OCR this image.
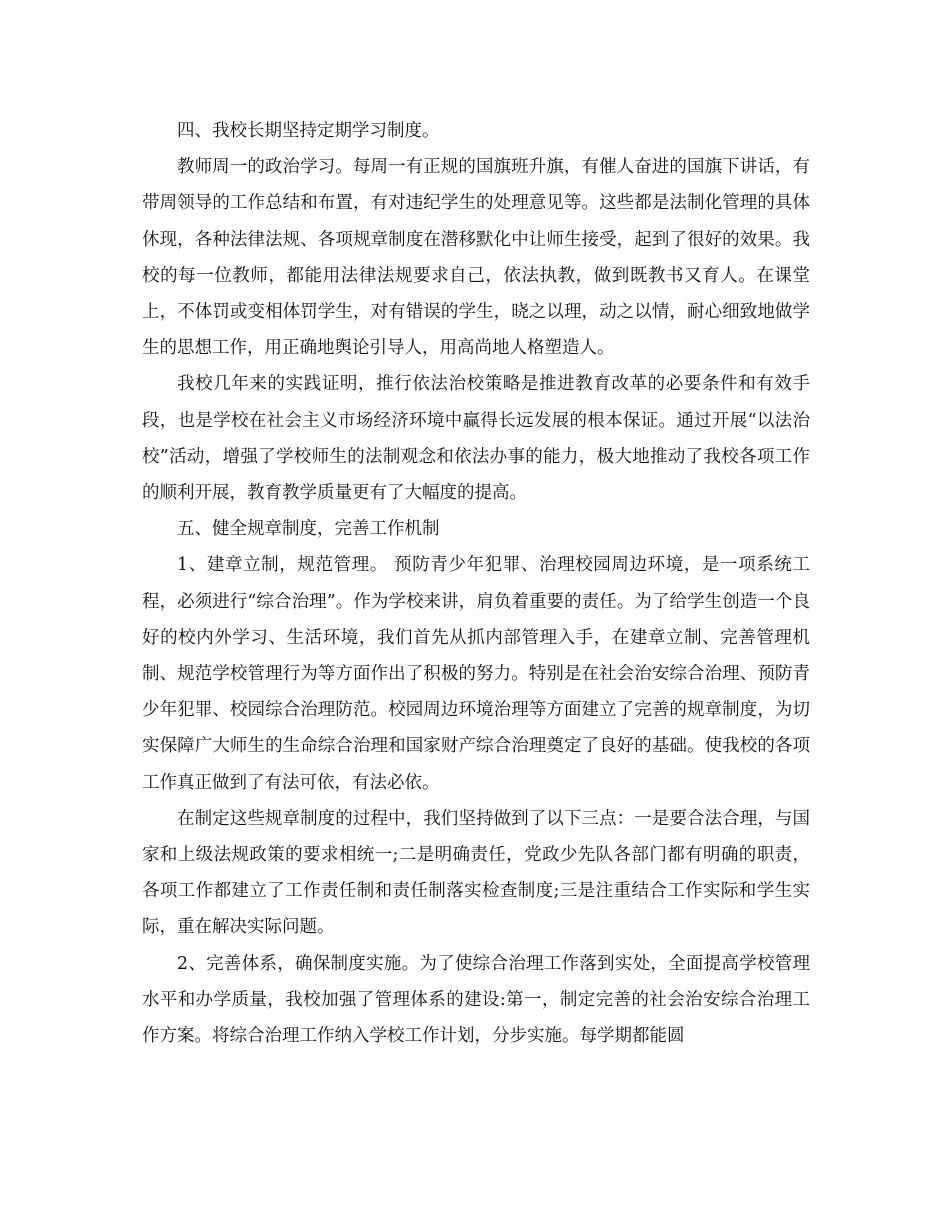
四、我校长期坚持定期学习制度。

教师周一的政治学习。每周一有正规的国旗班升旗，有催人奋进的国旗下讲话，有带周领导的工作总结和布置，有对违纪学生的处理意见等。这些都是法制化管理的具体休现，各种法律法规、各项规章制度在潜移默化中让师生接受，起到了很好的效果。我校的每一位教师，都能用法律法规要求自己，依法执教，做到既教书又育人。在课堂上，不体罚或变相体罚学生，对有错误的学生，晓之以理，动之以情，耐心细致地做学生的思想工作，用正确地舆论引导人，用高尚地人格塑造人。

我校几年来的实践证明，推行依法治校策略是推进教育改革的必要条件和有效手段，也是学校在社会主义市场经济环境中赢得长远发展的根本保证。通过开展“以法治校”活动，增强了学校师生的法制观念和依法办事的能力，极大地推动了我校各项工作的顺利开展，教育教学质量更有了大幅度的提高。

五、健全规章制度，完善工作机制

1、建章立制，规范管理。 预防青少年犯罪、治理校园周边环境，是一项系统工程，必须进行“综合治理”。作为学校来讲，肩负着重要的责任。为了给学生创造一个良好的校内外学习、生活环境，我们首先从抓内部管理入手，在建章立制、完善管理机制、规范学校管理行为等方面作出了积极的努力。特别是在社会治安综合治理、预防青少年犯罪、校园综合治理防范。校园周边环境治理等方面建立了完善的规章制度，为切实保障广大师生的生命综合治理和国家财产综合治理奠定了良好的基础。使我校的各项工作真正做到了有法可依，有法必依。

在制定这些规章制度的过程中，我们坚持做到了以下三点：一是要合法合理，与国家和上级法规政策的要求相统一;二是明确责任，党政少先队各部门都有明确的职责，各项工作都建立了工作责任制和责任制落实检查制度;三是注重结合工作实际和学生实际，重在解决实际问题。

2、完善体系，确保制度实施。为了使综合治理工作落到实处，全面提高学校管理水平和办学质量，我校加强了管理体系的建设:第一，制定完善的社会治安综合治理工作方案。将综合治理工作纳入学校工作计划，分步实施。每学期都能圆
